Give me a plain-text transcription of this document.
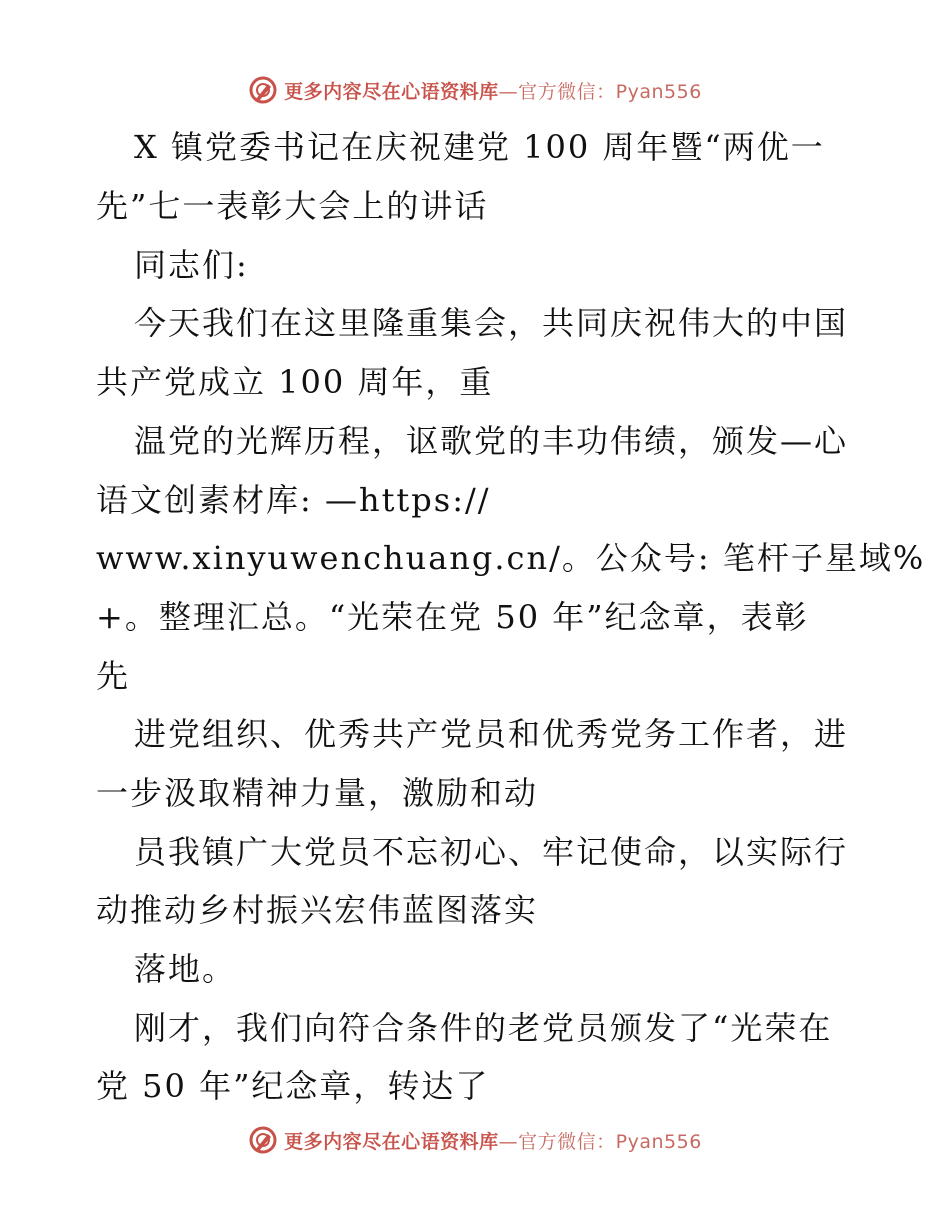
更多内容尽在心语资料库—官方微信：Pyan556
X 镇党委书记在庆祝建党 100 周年暨“两优一
先”七一表彰大会上的讲话
同志们:
今天我们在这里隆重集会，共同庆祝伟大的中国
共产党成立 100 周年，重
温党的光辉历程，讴歌党的丰功伟绩，颁发—心
语文创素材库: —https://
www.xinyuwenchuang.cn/。公众号: 笔杆子星域%
+。整理汇总。“光荣在党 50 年”纪念章，表彰
先
进党组织、优秀共产党员和优秀党务工作者，进
一步汲取精神力量，激励和动
员我镇广大党员不忘初心、牢记使命，以实际行
动推动乡村振兴宏伟蓝图落实
落地。
刚才，我们向符合条件的老党员颁发了“光荣在
党 50 年”纪念章，转达了
更多内容尽在心语资料库—官方微信：Pyan556
